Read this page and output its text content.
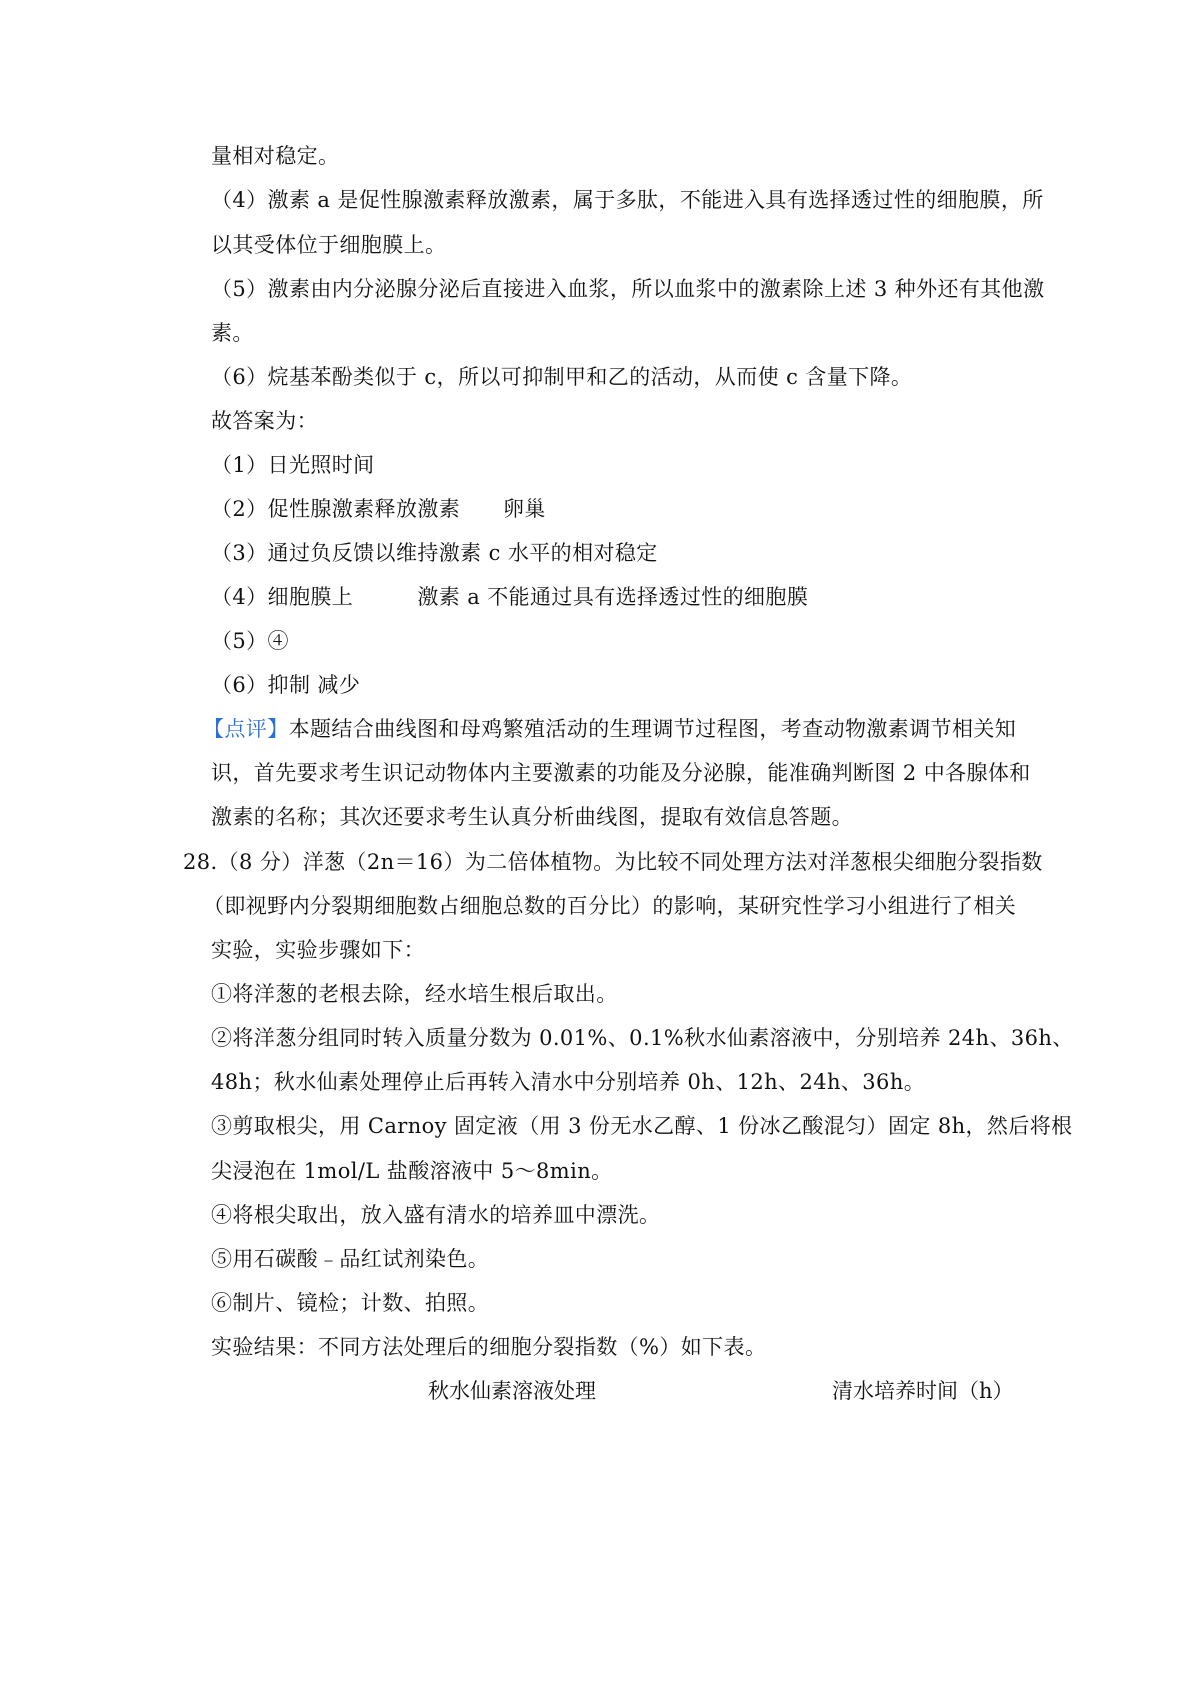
量相对稳定。
（4）激素 a 是促性腺激素释放激素，属于多肽，不能进入具有选择透过性的细胞膜，所
以其受体位于细胞膜上。
（5）激素由内分泌腺分泌后直接进入血浆，所以血浆中的激素除上述 3 种外还有其他激
素。
（6）烷基苯酚类似于 c，所以可抑制甲和乙的活动，从而使 c 含量下降。
故答案为：
（1）日光照时间
（2）促性腺激素释放激素　　卵巢
（3）通过负反馈以维持激素 c 水平的相对稳定
（4）细胞膜上　　　激素 a 不能通过具有选择透过性的细胞膜
（5）④
（6）抑制 减少
【点评】本题结合曲线图和母鸡繁殖活动的生理调节过程图，考查动物激素调节相关知
识，首先要求考生识记动物体内主要激素的功能及分泌腺，能准确判断图 2 中各腺体和
激素的名称；其次还要求考生认真分析曲线图，提取有效信息答题。
28.（8 分）洋葱（2n＝16）为二倍体植物。为比较不同处理方法对洋葱根尖细胞分裂指数
（即视野内分裂期细胞数占细胞总数的百分比）的影响，某研究性学习小组进行了相关
实验，实验步骤如下：
①将洋葱的老根去除，经水培生根后取出。
②将洋葱分组同时转入质量分数为 0.01%、0.1%秋水仙素溶液中，分别培养 24h、36h、
48h；秋水仙素处理停止后再转入清水中分别培养 0h、12h、24h、36h。
③剪取根尖，用 Carnoy 固定液（用 3 份无水乙醇、1 份冰乙酸混匀）固定 8h，然后将根
尖浸泡在 1mol/L 盐酸溶液中 5～8min。
④将根尖取出，放入盛有清水的培养皿中漂洗。
⑤用石碳酸﹣品红试剂染色。
⑥制片、镜检；计数、拍照。
实验结果：不同方法处理后的细胞分裂指数（%）如下表。
秋水仙素溶液处理	清水培养时间（h）
